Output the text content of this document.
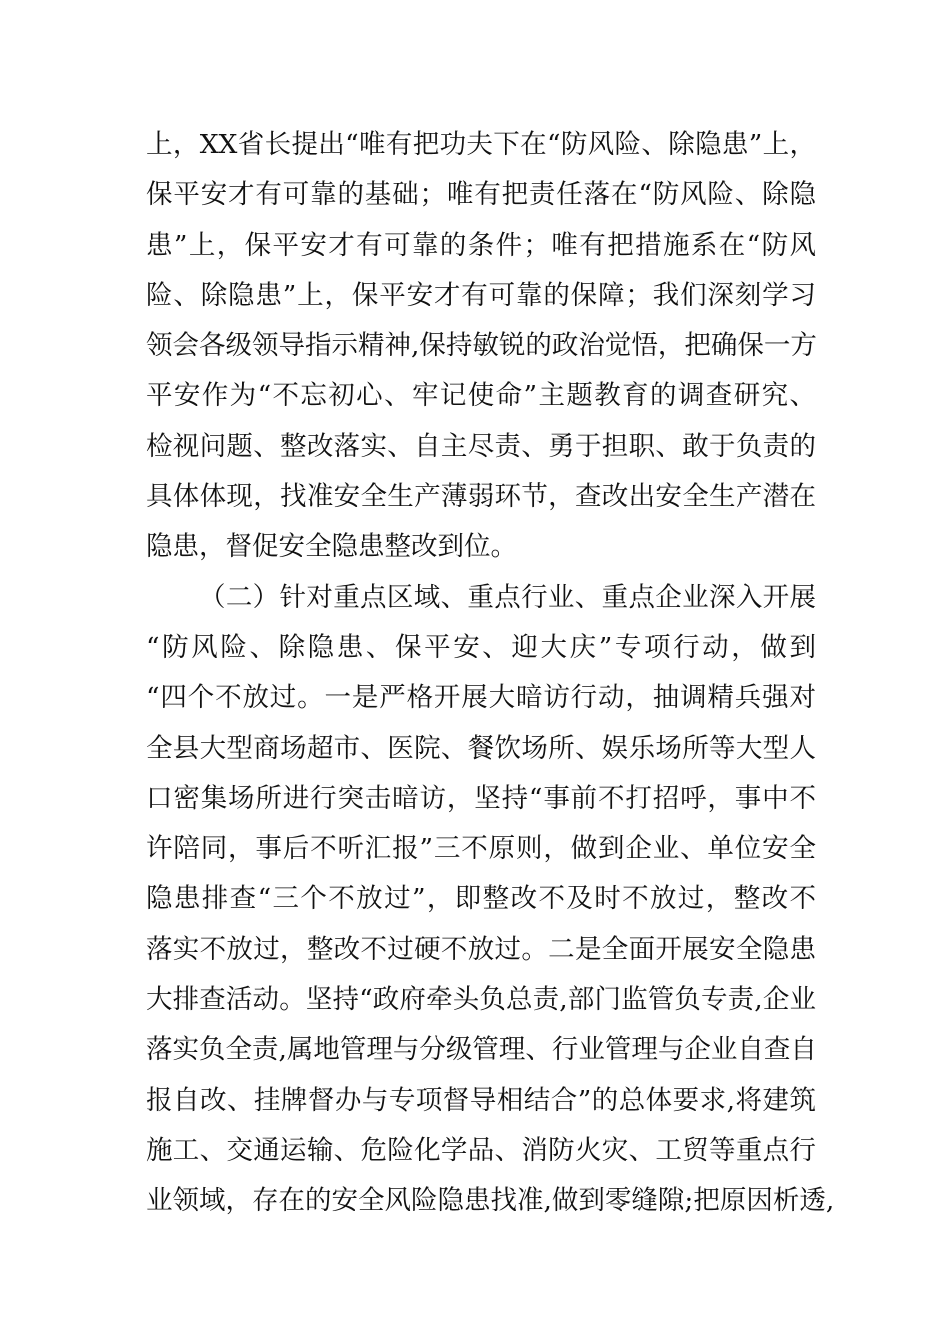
上，XX省长提出“唯有把功夫下在“防风险、除隐患”上，
保平安才有可靠的基础；唯有把责任落在“防风险、除隐
患”上，保平安才有可靠的条件；唯有把措施系在“防风
险、除隐患”上，保平安才有可靠的保障；我们深刻学习
领会各级领导指示精神,保持敏锐的政治觉悟，把确保一方
平安作为“不忘初心、牢记使命”主题教育的调查研究、
检视问题、整改落实、自主尽责、勇于担职、敢于负责的
具体体现，找准安全生产薄弱环节，查改出安全生产潜在
隐患，督促安全隐患整改到位。
（二）针对重点区域、重点行业、重点企业深入开展
“防风险、除隐患、保平安、迎大庆”专项行动，做到
“四个不放过。一是严格开展大暗访行动，抽调精兵强对
全县大型商场超市、医院、餐饮场所、娱乐场所等大型人
口密集场所进行突击暗访，坚持“事前不打招呼，事中不
许陪同，事后不听汇报”三不原则，做到企业、单位安全
隐患排查“三个不放过”，即整改不及时不放过，整改不
落实不放过，整改不过硬不放过。二是全面开展安全隐患
大排查活动。坚持“政府牵头负总责,部门监管负专责,企业
落实负全责,属地管理与分级管理、行业管理与企业自查自
报自改、挂牌督办与专项督导相结合”的总体要求,将建筑
施工、交通运输、危险化学品、消防火灾、工贸等重点行
业领域，存在的安全风险隐患找准,做到零缝隙;把原因析透,
